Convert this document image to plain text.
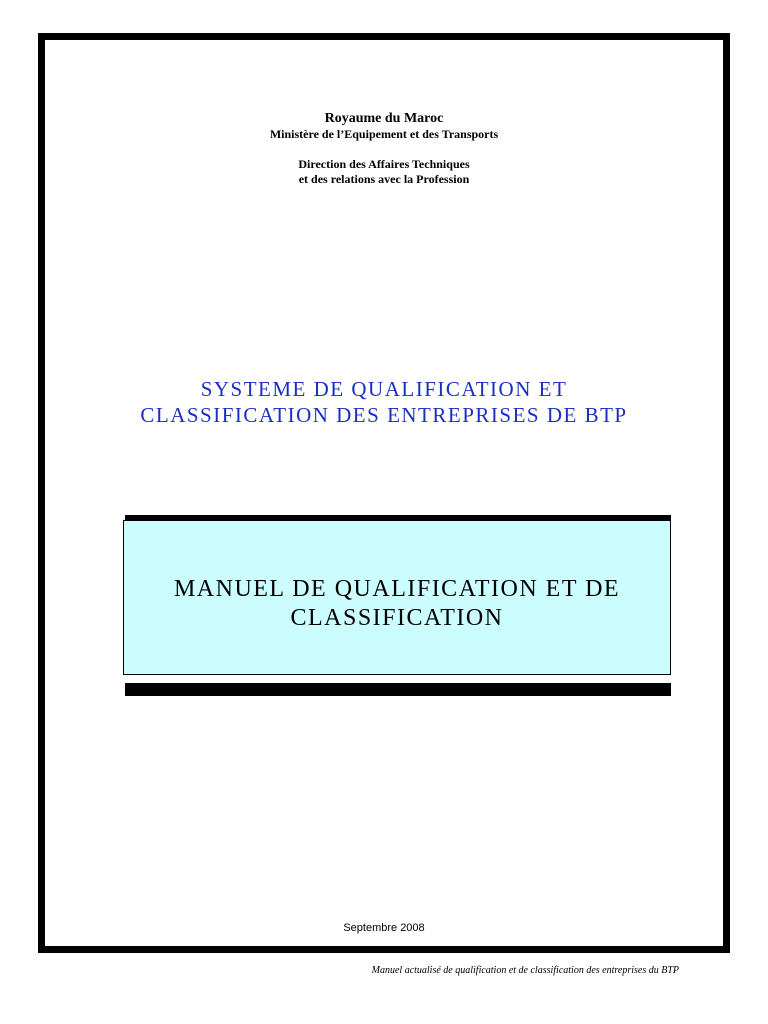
Royaume du Maroc
Ministère de l’Equipement et des Transports
Direction des Affaires Techniques
et des relations avec la Profession
SYSTEME DE QUALIFICATION ET
CLASSIFICATION DES ENTREPRISES DE BTP
MANUEL DE QUALIFICATION ET DE
CLASSIFICATION
Septembre 2008
Manuel actualisé de qualification et de classification des entreprises du BTP
